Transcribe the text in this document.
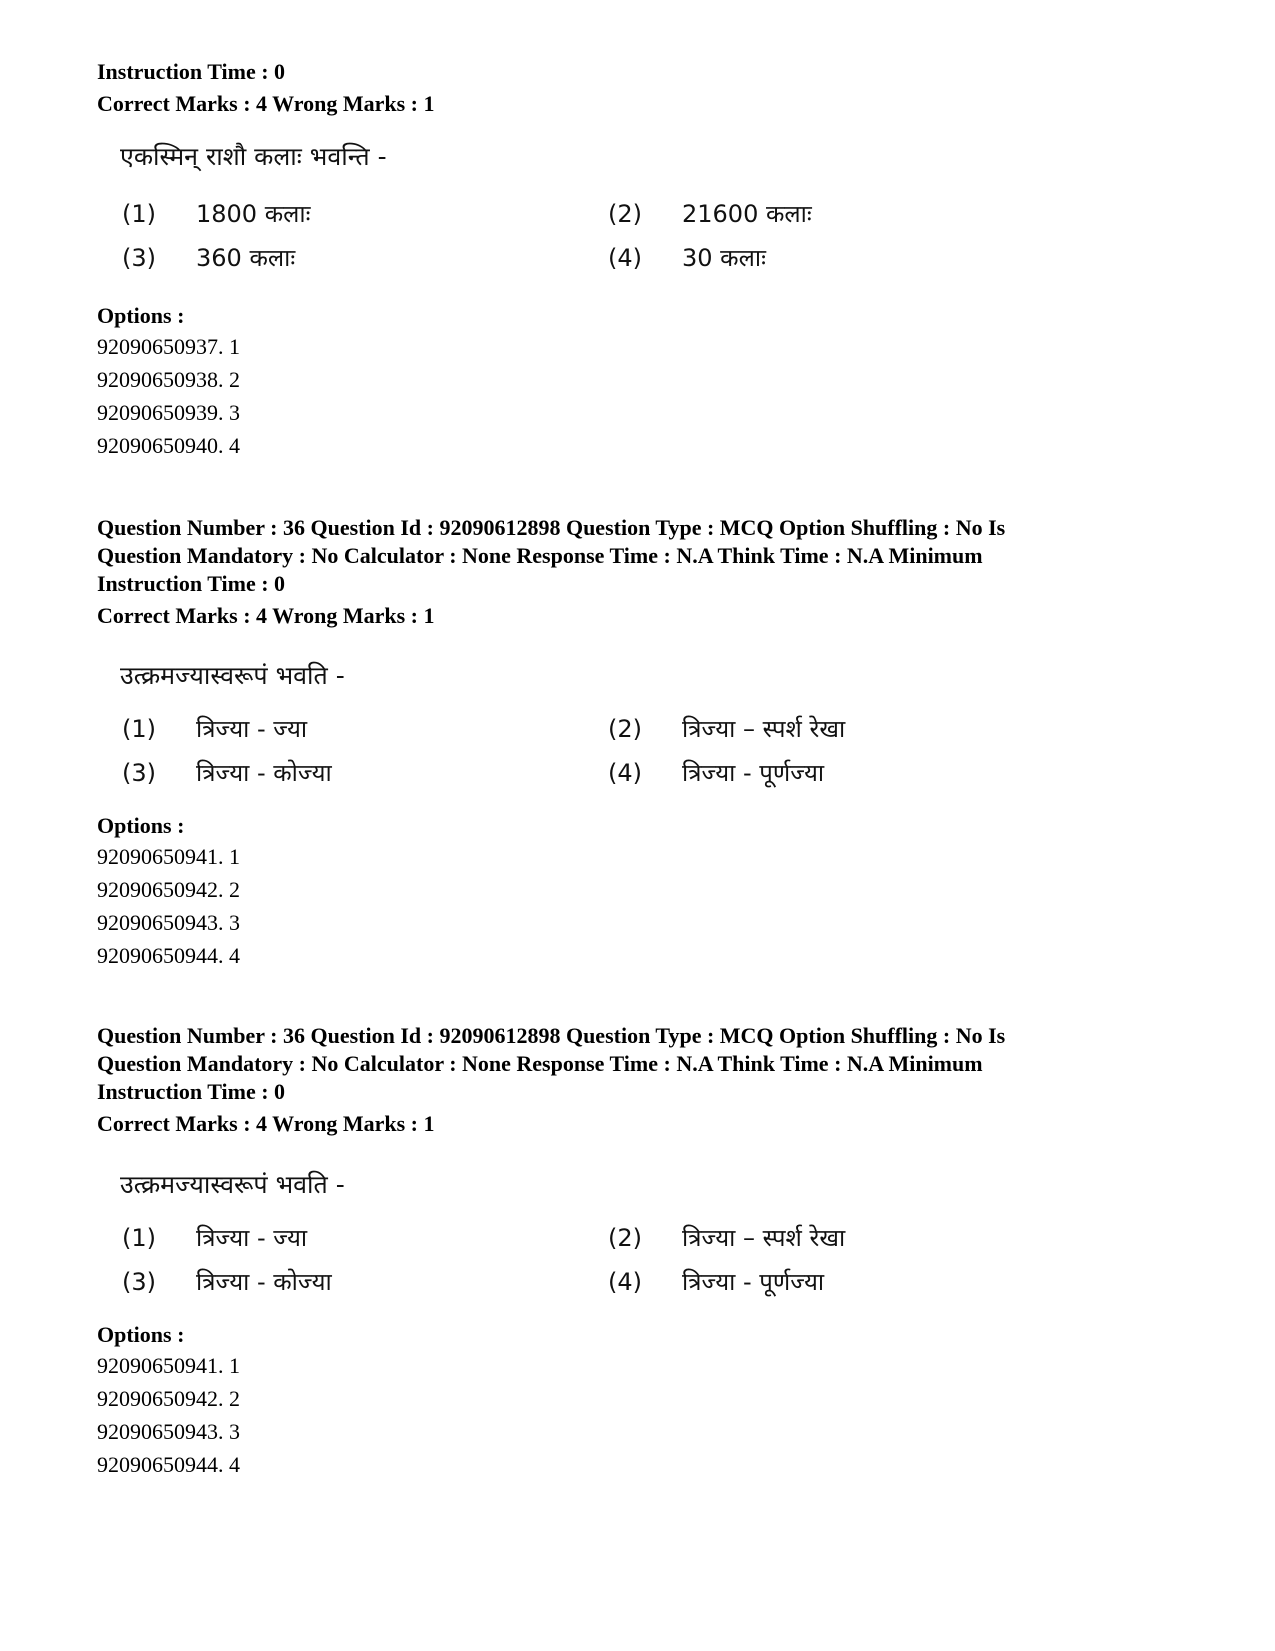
Instruction Time : 0
Correct Marks : 4 Wrong Marks : 1
एकस्मिन् राशौ कलाः भवन्ति -
(1) 1800 कलाः	(2) 21600 कलाः
(3) 360 कलाः	(4) 30 कलाः
Options :
92090650937. 1
92090650938. 2
92090650939. 3
92090650940. 4
Question Number : 36 Question Id : 92090612898 Question Type : MCQ Option Shuffling : No Is
Question Mandatory : No Calculator : None Response Time : N.A Think Time : N.A Minimum
Instruction Time : 0
Correct Marks : 4 Wrong Marks : 1
उत्क्रमज्यास्वरूपं भवति -
(1) त्रिज्या - ज्या	(2) त्रिज्या – स्पर्श रेखा
(3) त्रिज्या - कोज्या	(4) त्रिज्या - पूर्णज्या
Options :
92090650941. 1
92090650942. 2
92090650943. 3
92090650944. 4
Question Number : 36 Question Id : 92090612898 Question Type : MCQ Option Shuffling : No Is
Question Mandatory : No Calculator : None Response Time : N.A Think Time : N.A Minimum
Instruction Time : 0
Correct Marks : 4 Wrong Marks : 1
उत्क्रमज्यास्वरूपं भवति -
(1) त्रिज्या - ज्या	(2) त्रिज्या – स्पर्श रेखा
(3) त्रिज्या - कोज्या	(4) त्रिज्या - पूर्णज्या
Options :
92090650941. 1
92090650942. 2
92090650943. 3
92090650944. 4
